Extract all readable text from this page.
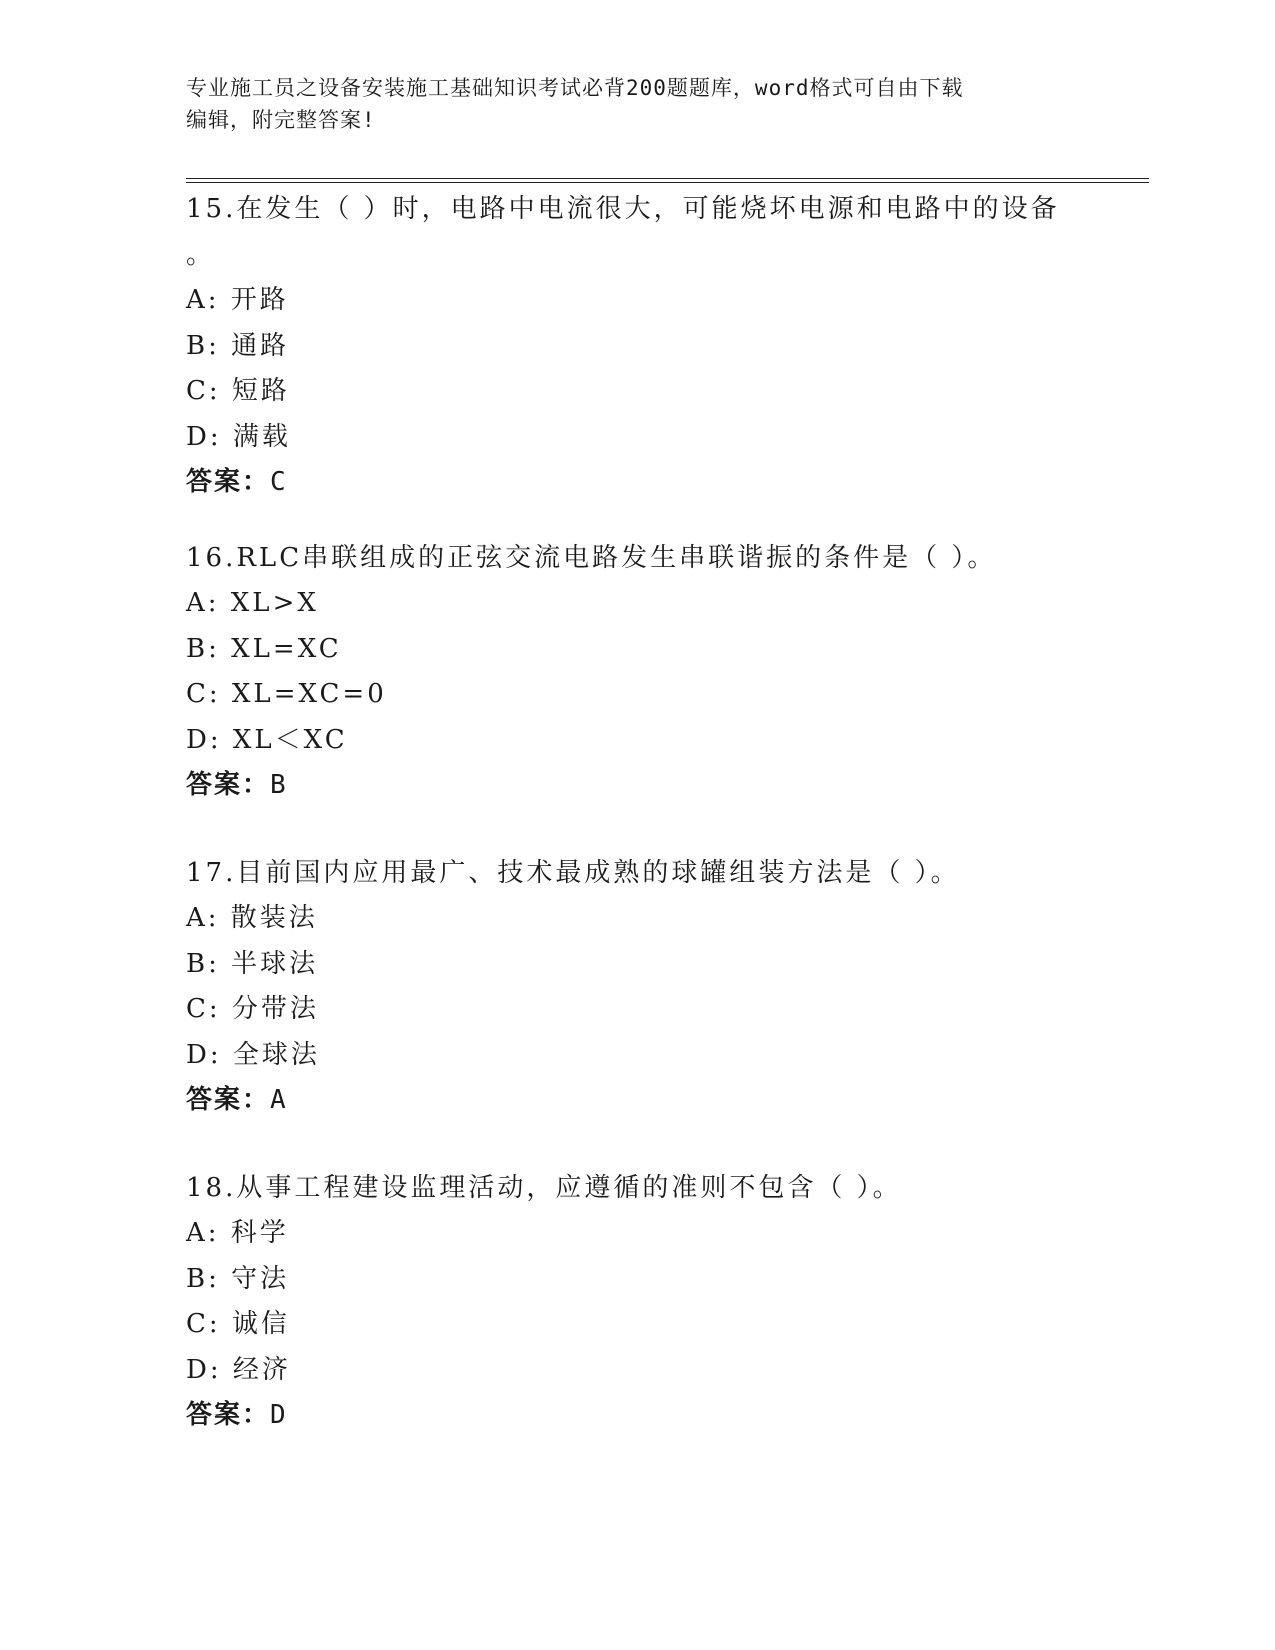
专业施工员之设备安装施工基础知识考试必背200题题库，word格式可自由下载
编辑，附完整答案!
15.在发生（ ）时，电路中电流很大，可能烧坏电源和电路中的设备
。
A: 开路
B: 通路
C: 短路
D: 满载
答案：C
16.RLC串联组成的正弦交流电路发生串联谐振的条件是（ ）。
A: XL>X
B: XL=XC
C: XL=XC=0
D: XL＜XC
答案：B
17.目前国内应用最广、技术最成熟的球罐组装方法是（ ）。
A: 散装法
B: 半球法
C: 分带法
D: 全球法
答案：A
18.从事工程建设监理活动，应遵循的准则不包含（ ）。
A: 科学
B: 守法
C: 诚信
D: 经济
答案：D
